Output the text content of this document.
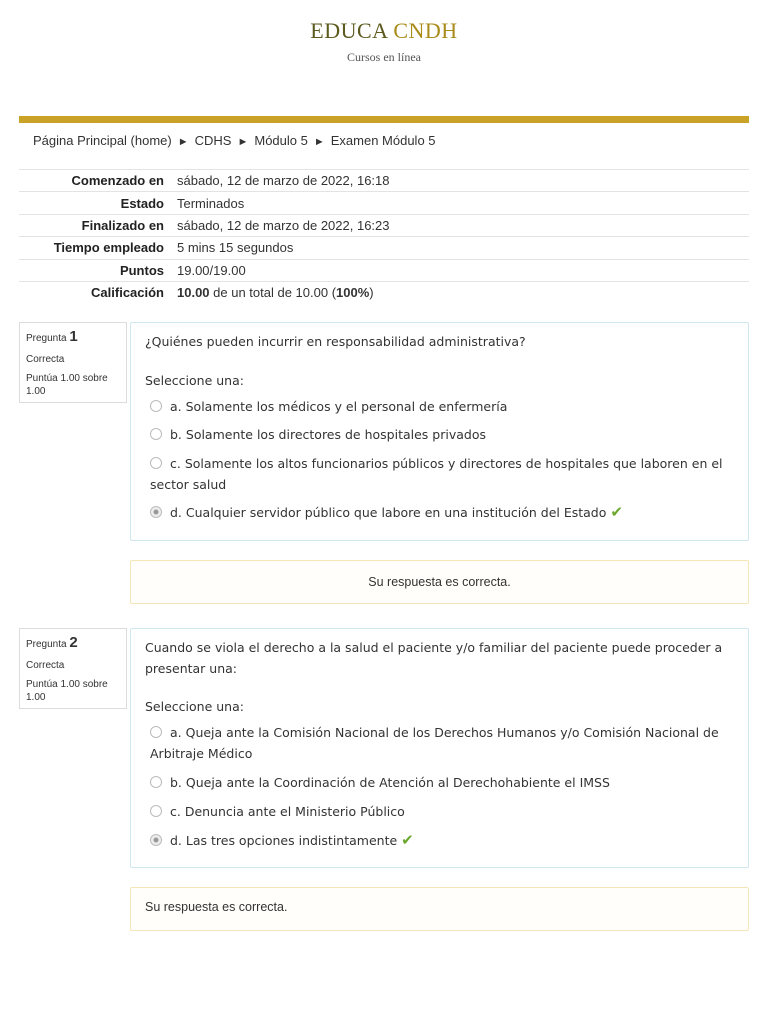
EDUCA CNDH
Cursos en línea
Página Principal (home) ► CDHS ► Módulo 5 ► Examen Módulo 5
Comenzado en	sábado, 12 de marzo de 2022, 16:18
Estado	Terminados
Finalizado en	sábado, 12 de marzo de 2022, 16:23
Tiempo empleado	5 mins 15 segundos
Puntos	19.00/19.00
Calificación	10.00 de un total de 10.00 (100%)
Pregunta 1
Correcta
Puntúa 1.00 sobre 1.00
¿Quiénes pueden incurrir en responsabilidad administrativa?
Seleccione una:
a. Solamente los médicos y el personal de enfermería
b. Solamente los directores de hospitales privados
c. Solamente los altos funcionarios públicos y directores de hospitales que laboren en el sector salud
d. Cualquier servidor público que labore en una institución del Estado ✔
Su respuesta es correcta.
Pregunta 2
Correcta
Puntúa 1.00 sobre 1.00
Cuando se viola el derecho a la salud el paciente y/o familiar del paciente puede proceder a presentar una:
Seleccione una:
a. Queja ante la Comisión Nacional de los Derechos Humanos y/o Comisión Nacional de Arbitraje Médico
b. Queja ante la Coordinación de Atención al Derechohabiente el IMSS
c. Denuncia ante el Ministerio Público
d. Las tres opciones indistintamente ✔
Su respuesta es correcta.
